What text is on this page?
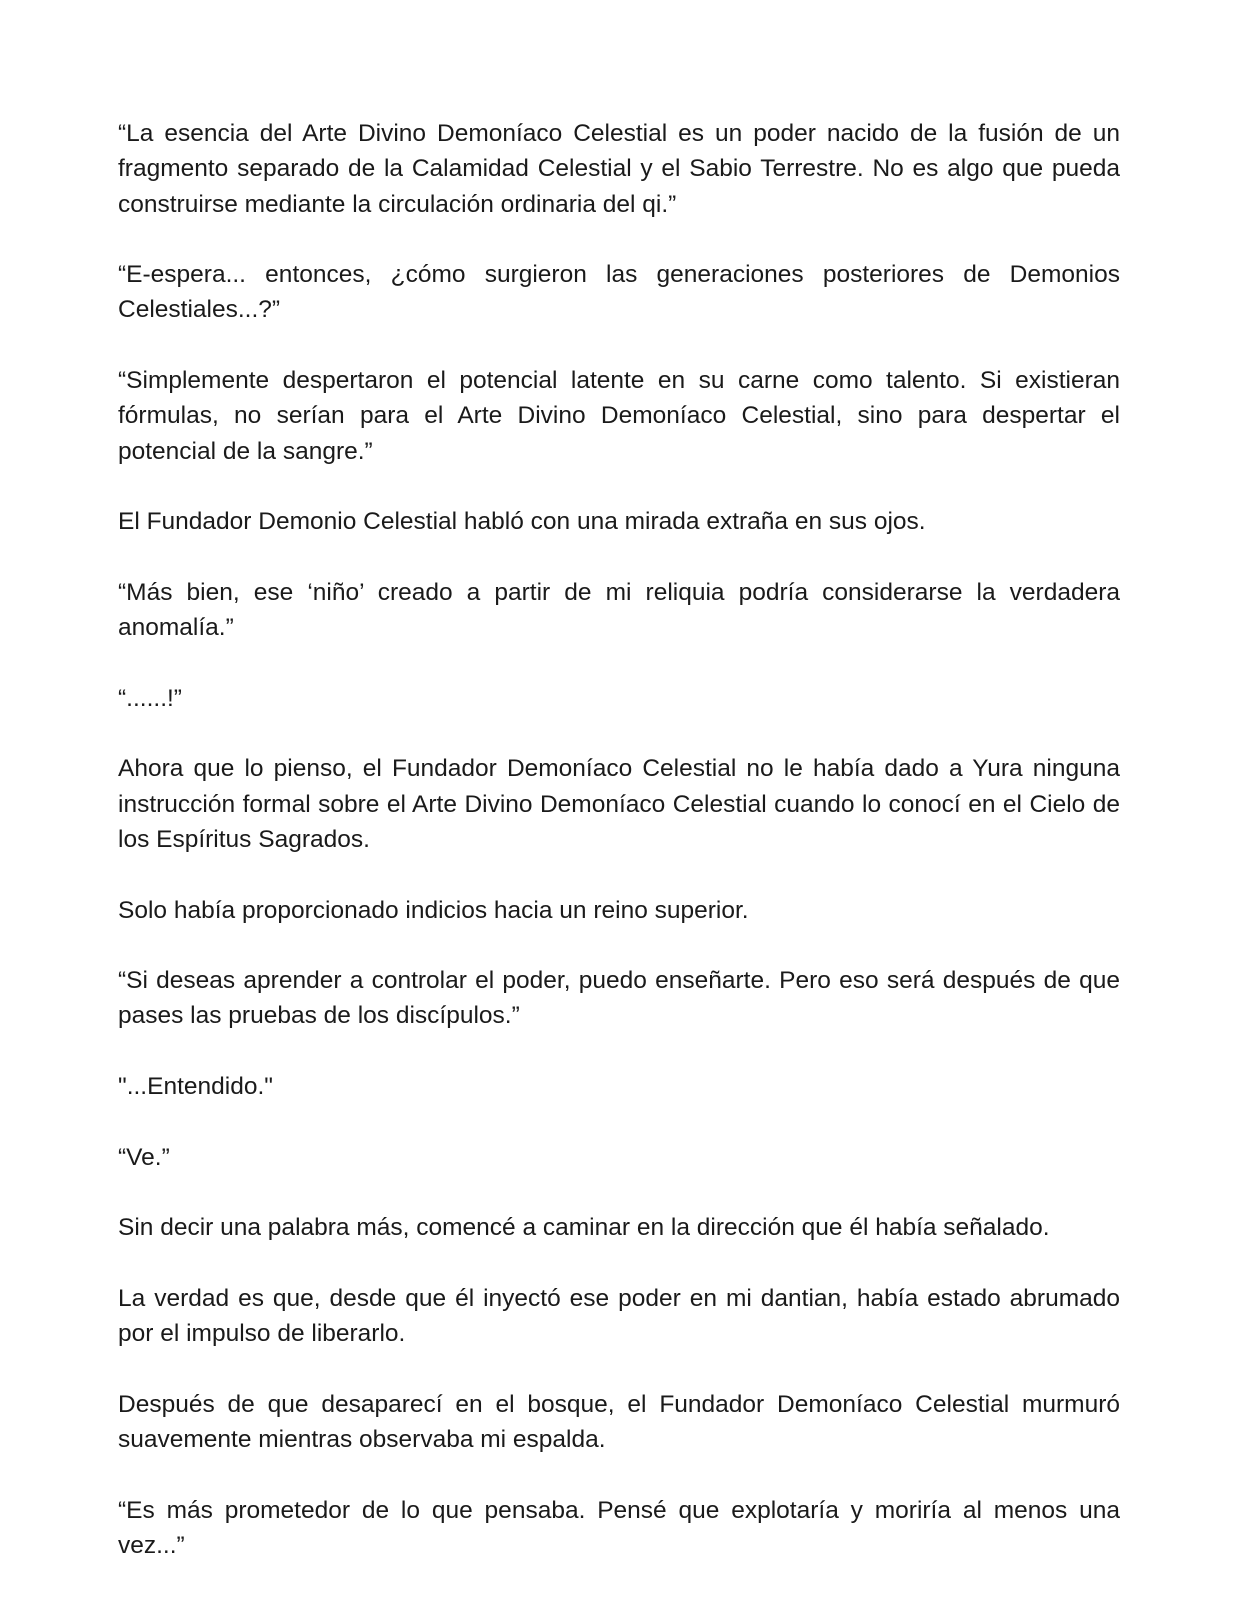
“La esencia del Arte Divino Demoníaco Celestial es un poder nacido de la fusión de un fragmento separado de la Calamidad Celestial y el Sabio Terrestre. No es algo que pueda construirse mediante la circulación ordinaria del qi.”

“E-espera... entonces, ¿cómo surgieron las generaciones posteriores de Demonios Celestiales...?”

“Simplemente despertaron el potencial latente en su carne como talento. Si existieran fórmulas, no serían para el Arte Divino Demoníaco Celestial, sino para despertar el potencial de la sangre.”

El Fundador Demonio Celestial habló con una mirada extraña en sus ojos.

“Más bien, ese ‘niño’ creado a partir de mi reliquia podría considerarse la verdadera anomalía.”

“......!”

Ahora que lo pienso, el Fundador Demoníaco Celestial no le había dado a Yura ninguna instrucción formal sobre el Arte Divino Demoníaco Celestial cuando lo conocí en el Cielo de los Espíritus Sagrados.

Solo había proporcionado indicios hacia un reino superior.

“Si deseas aprender a controlar el poder, puedo enseñarte. Pero eso será después de que pases las pruebas de los discípulos.”

"...Entendido."

“Ve.”

Sin decir una palabra más, comencé a caminar en la dirección que él había señalado.

La verdad es que, desde que él inyectó ese poder en mi dantian, había estado abrumado por el impulso de liberarlo.

Después de que desaparecí en el bosque, el Fundador Demoníaco Celestial murmuró suavemente mientras observaba mi espalda.

“Es más prometedor de lo que pensaba. Pensé que explotaría y moriría al menos una vez...”
